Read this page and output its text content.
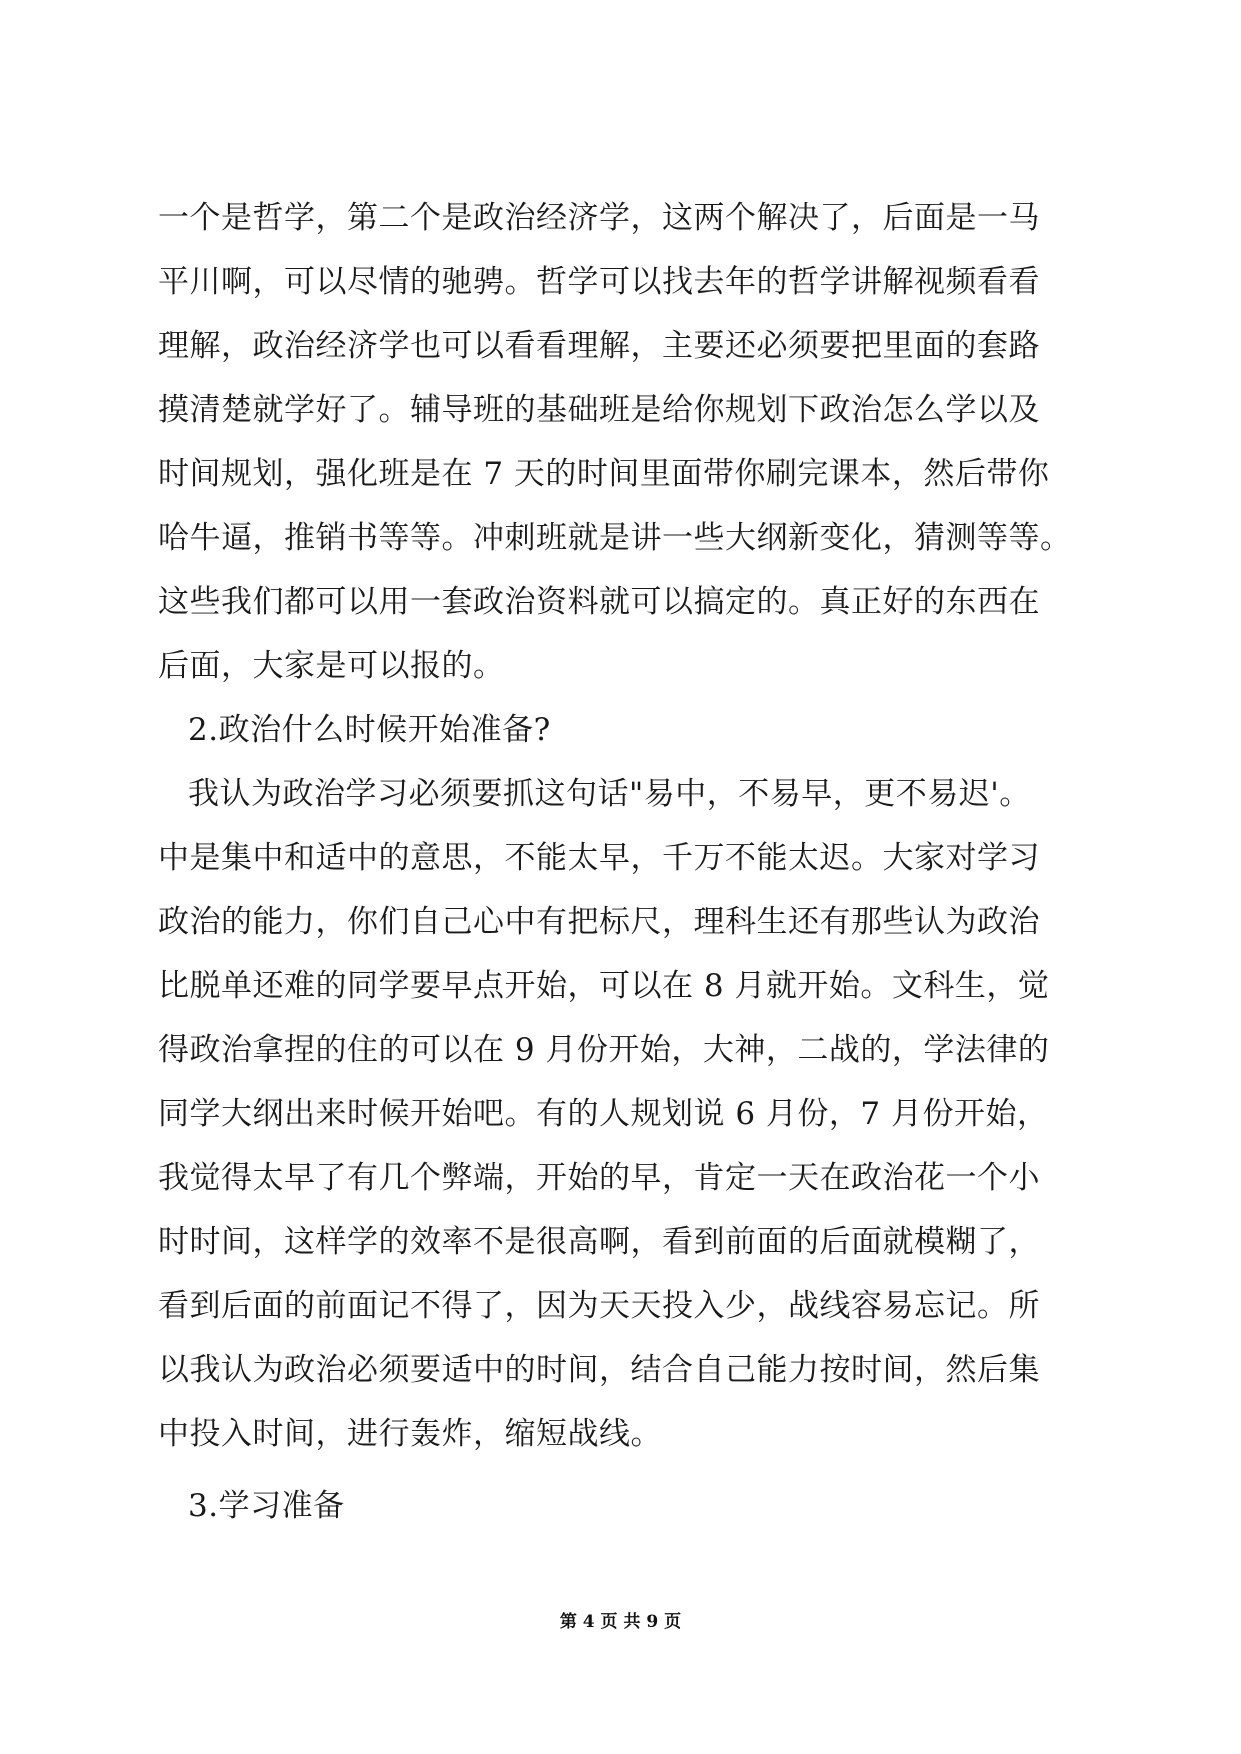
一个是哲学，第二个是政治经济学，这两个解决了，后面是一马
平川啊，可以尽情的驰骋。哲学可以找去年的哲学讲解视频看看
理解，政治经济学也可以看看理解，主要还必须要把里面的套路
摸清楚就学好了。辅导班的基础班是给你规划下政治怎么学以及
时间规划，强化班是在 7 天的时间里面带你刷完课本，然后带你
哈牛逼，推销书等等。冲刺班就是讲一些大纲新变化，猜测等等。
这些我们都可以用一套政治资料就可以搞定的。真正好的东西在
后面，大家是可以报的。
2.政治什么时候开始准备?
我认为政治学习必须要抓这句话"易中，不易早，更不易迟'。
中是集中和适中的意思，不能太早，千万不能太迟。大家对学习
政治的能力，你们自己心中有把标尺，理科生还有那些认为政治
比脱单还难的同学要早点开始，可以在 8 月就开始。文科生，觉
得政治拿捏的住的可以在 9 月份开始，大神，二战的，学法律的
同学大纲出来时候开始吧。有的人规划说 6 月份，7 月份开始，
我觉得太早了有几个弊端，开始的早，肯定一天在政治花一个小
时时间，这样学的效率不是很高啊，看到前面的后面就模糊了，
看到后面的前面记不得了，因为天天投入少，战线容易忘记。所
以我认为政治必须要适中的时间，结合自己能力按时间，然后集
中投入时间，进行轰炸，缩短战线。
3.学习准备
第 4 页 共 9 页
